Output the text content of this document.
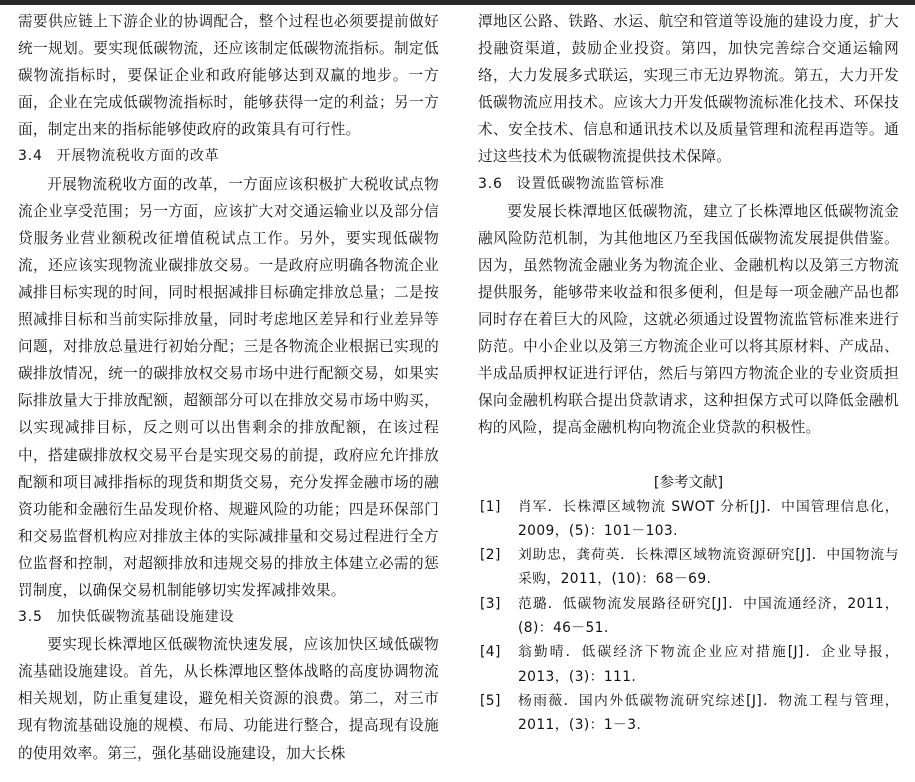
需要供应链上下游企业的协调配合，整个过程也必须要提前做好统一规划。要实现低碳物流，还应该制定低碳物流指标。制定低碳物流指标时，要保证企业和政府能够达到双赢的地步。一方面，企业在完成低碳物流指标时，能够获得一定的利益；另一方面，制定出来的指标能够使政府的政策具有可行性。

3.4 开展物流税收方面的改革

开展物流税收方面的改革，一方面应该积极扩大税收试点物流企业享受范围；另一方面，应该扩大对交通运输业以及部分信贷服务业营业额税改征增值税试点工作。另外，要实现低碳物流，还应该实现物流业碳排放交易。一是政府应明确各物流企业减排目标实现的时间，同时根据减排目标确定排放总量；二是按照减排目标和当前实际排放量，同时考虑地区差异和行业差异等问题，对排放总量进行初始分配；三是各物流企业根据已实现的碳排放情况，统一的碳排放权交易市场中进行配额交易，如果实际排放量大于排放配额，超额部分可以在排放交易市场中购买，以实现减排目标，反之则可以出售剩余的排放配额，在该过程中，搭建碳排放权交易平台是实现交易的前提，政府应允许排放配额和项目减排指标的现货和期货交易，充分发挥金融市场的融资功能和金融衍生品发现价格、规避风险的功能；四是环保部门和交易监督机构应对排放主体的实际减排量和交易过程进行全方位监督和控制，对超额排放和违规交易的排放主体建立必需的惩罚制度，以确保交易机制能够切实发挥减排效果。

3.5 加快低碳物流基础设施建设

要实现长株潭地区低碳物流快速发展，应该加快区域低碳物流基础设施建设。首先，从长株潭地区整体战略的高度协调物流相关规划，防止重复建设，避免相关资源的浪费。第二，对三市现有物流基础设施的规模、布局、功能进行整合，提高现有设施的使用效率。第三，强化基础设施建设，加大长株

潭地区公路、铁路、水运、航空和管道等设施的建设力度，扩大投融资渠道，鼓励企业投资。第四，加快完善综合交通运输网络，大力发展多式联运，实现三市无边界物流。第五，大力开发低碳物流应用技术。应该大力开发低碳物流标准化技术、环保技术、安全技术、信息和通讯技术以及质量管理和流程再造等。通过这些技术为低碳物流提供技术保障。

3.6 设置低碳物流监管标准

要发展长株潭地区低碳物流，建立了长株潭地区低碳物流金融风险防范机制，为其他地区乃至我国低碳物流发展提供借鉴。因为，虽然物流金融业务为物流企业、金融机构以及第三方物流提供服务，能够带来收益和很多便利，但是每一项金融产品也都同时存在着巨大的风险，这就必须通过设置物流监管标准来进行防范。中小企业以及第三方物流企业可以将其原材料、产成品、半成品质押权证进行评估，然后与第四方物流企业的专业资质担保向金融机构联合提出贷款请求，这种担保方式可以降低金融机构的风险，提高金融机构向物流企业贷款的积极性。

[参考文献]
[1] 肖军．长株潭区域物流 SWOT 分析[J]．中国管理信息化，2009，(5)：101－103.
[2] 刘助忠，龚荷英．长株潭区域物流资源研究[J]．中国物流与采购，2011，(10)：68－69.
[3] 范璐．低碳物流发展路径研究[J]．中国流通经济，2011，(8)：46－51.
[4] 翁勤晴．低碳经济下物流企业应对措施[J]．企业导报，2013，(3)：111.
[5] 杨雨薇．国内外低碳物流研究综述[J]．物流工程与管理，2011，(3)：1－3.
